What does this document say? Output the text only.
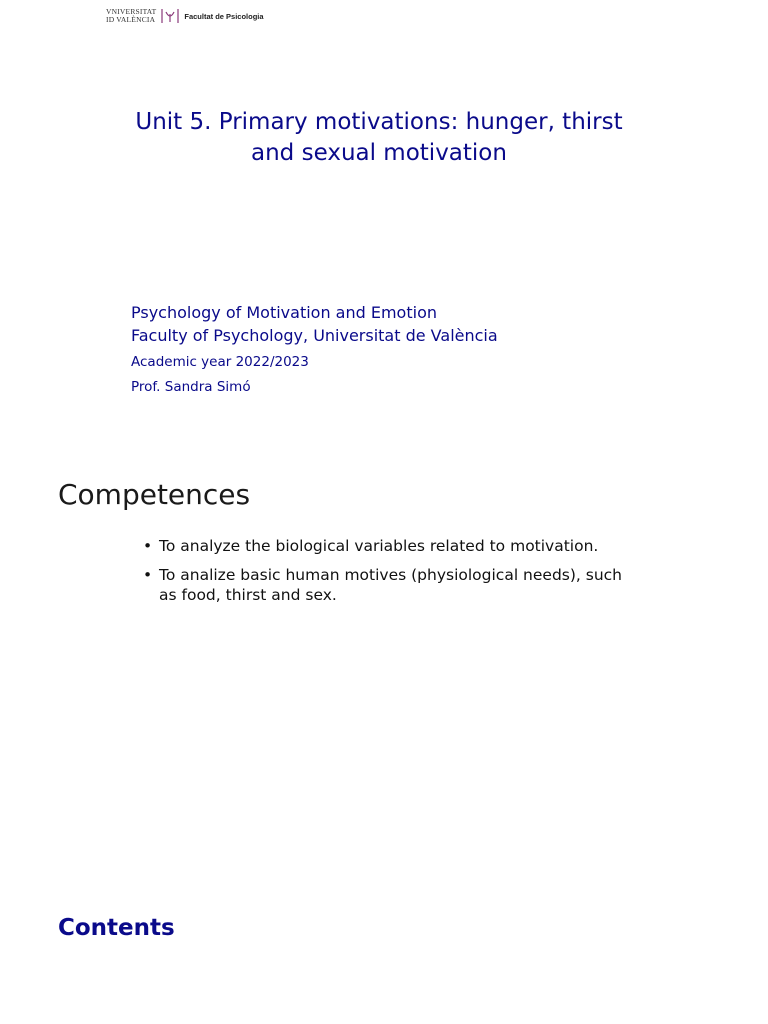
VNIVERSITAT
ID VALÈNCIA	Facultat de Psicologia
Unit 5. Primary motivations: hunger, thirst
and sexual motivation
Psychology of Motivation and Emotion
Faculty of Psychology, Universitat de València
Academic year 2022/2023
Prof. Sandra Simó
Competences
• To analyze the biological variables related to motivation.
• To analize basic human motives (physiological needs), such as food, thirst and sex.
Contents
